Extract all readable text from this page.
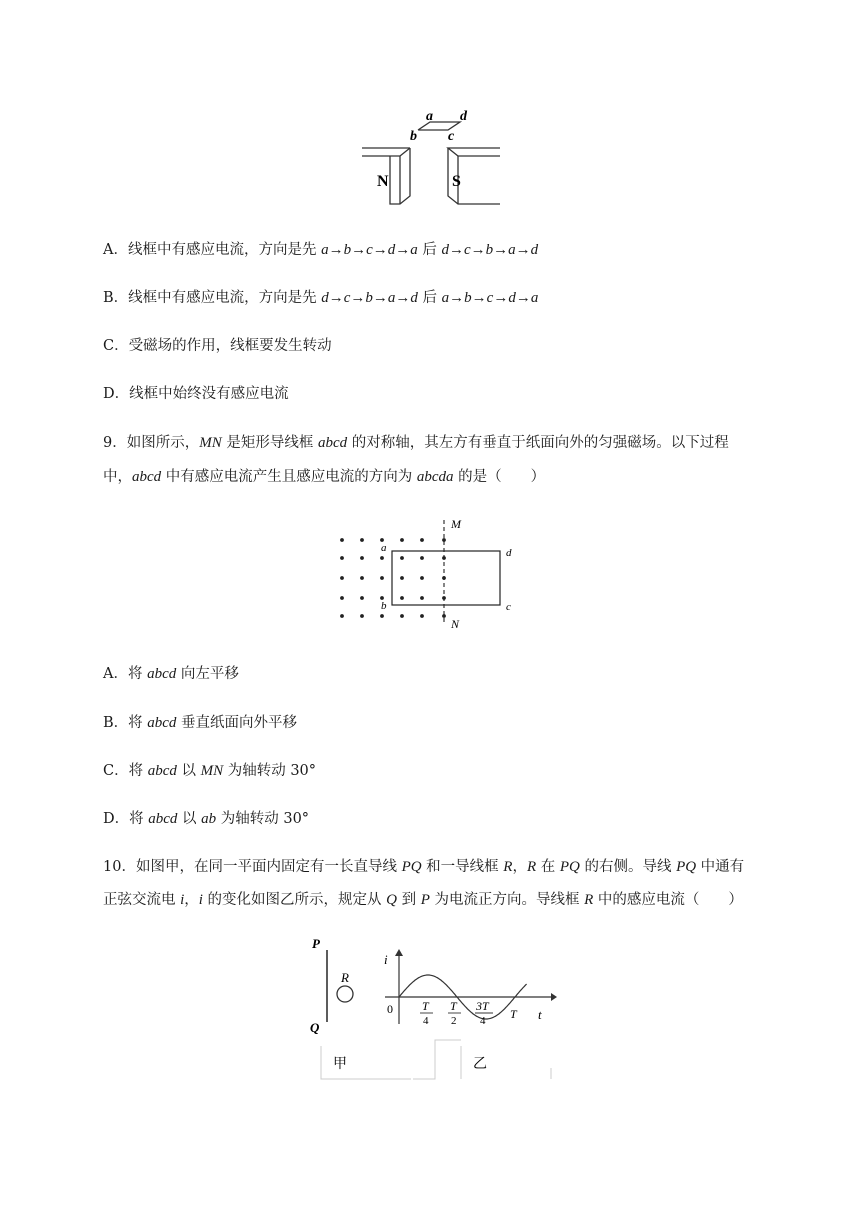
a d
b c
N	S
A．线框中有感应电流，方向是先 a→b→c→d→a 后 d→c→b→a→d
B．线框中有感应电流，方向是先 d→c→b→a→d 后 a→b→c→d→a
C．受磁场的作用，线框要发生转动
D．线框中始终没有感应电流
9．如图所示，MN 是矩形导线框 abcd 的对称轴，其左方有垂直于纸面向外的匀强磁场。以下过程
中，abcd 中有感应电流产生且感应电流的方向为 abcda 的是（　　）
M
N
a
b
d
c
A．将 abcd 向左平移
B．将 abcd 垂直纸面向外平移
C．将 abcd 以 MN 为轴转动 30°
D．将 abcd 以 ab 为轴转动 30°
10．如图甲，在同一平面内固定有一长直导线 PQ 和一导线框 R，R 在 PQ 的右侧。导线 PQ 中通有
正弦交流电 i，i 的变化如图乙所示，规定从 Q 到 P 为电流正方向。导线框 R 中的感应电流（　　）
P
Q
R
i
t
0 T
4
T
2
3T
4 T
甲	乙
